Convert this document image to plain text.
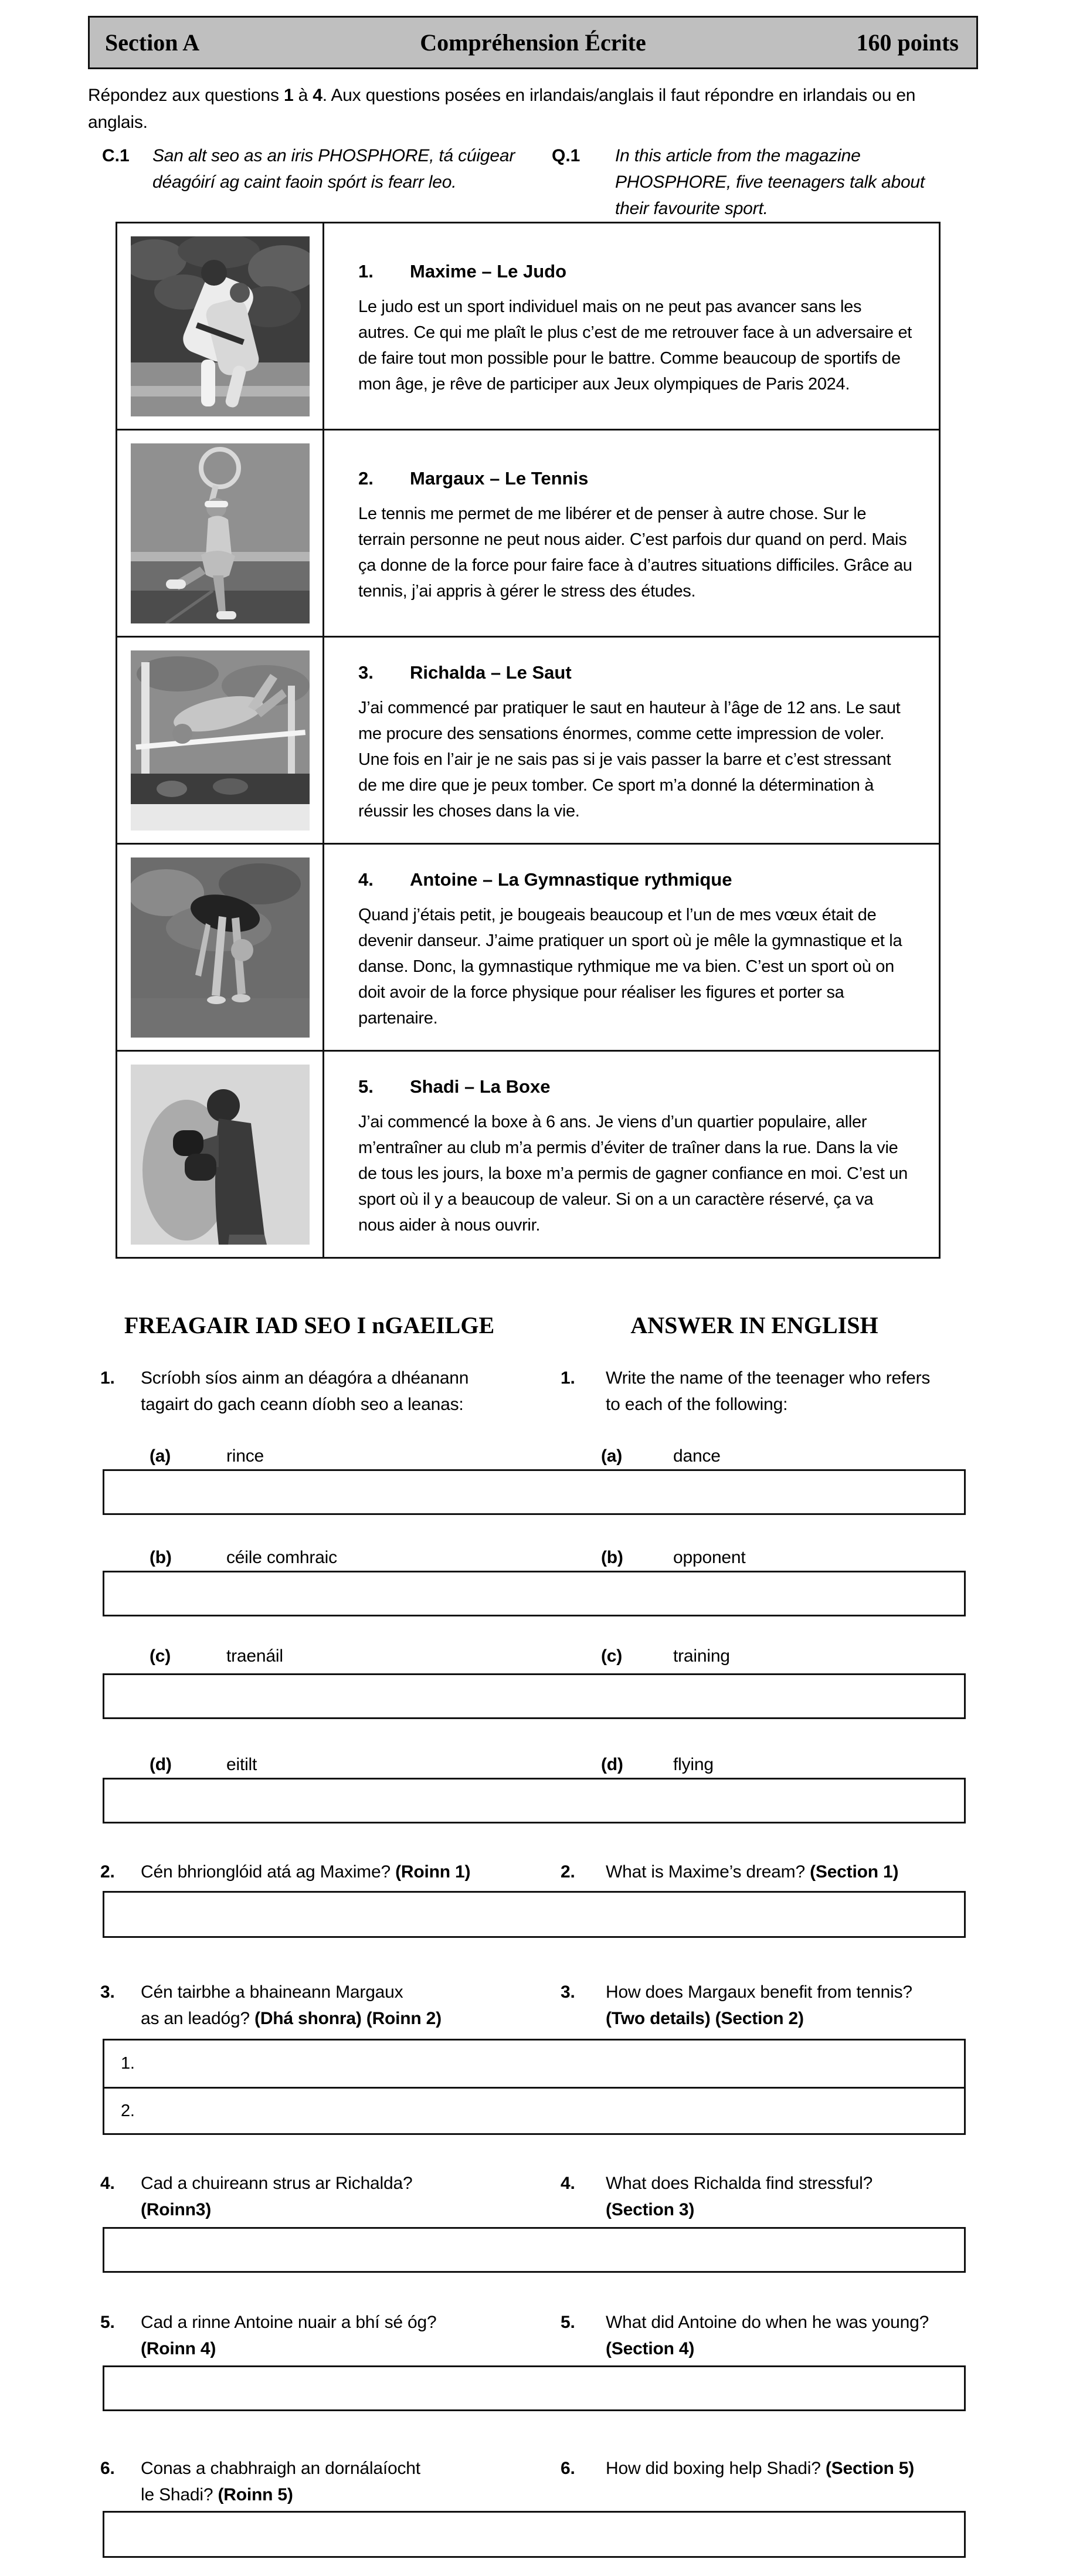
Section A	Compréhension Écrite	160 points

Répondez aux questions 1 à 4. Aux questions posées en irlandais/anglais il faut répondre en irlandais ou en anglais.

C.1 San alt seo as an iris PHOSPHORE, tá cúigear déagóirí ag caint faoin spórt is fearr leo.
Q.1 In this article from the magazine PHOSPHORE, five teenagers talk about their favourite sport.

1. Maxime – Le Judo

Le judo est un sport individuel mais on ne peut pas avancer sans les autres. Ce qui me plaît le plus c’est de me retrouver face à un adversaire et de faire tout mon possible pour le battre. Comme beaucoup de sportifs de mon âge, je rêve de participer aux Jeux olympiques de Paris 2024.

2. Margaux – Le Tennis

Le tennis me permet de me libérer et de penser à autre chose. Sur le terrain personne ne peut nous aider. C’est parfois dur quand on perd. Mais ça donne de la force pour faire face à d’autres situations difficiles. Grâce au tennis, j’ai appris à gérer le stress des études.

3. Richalda – Le Saut

J’ai commencé par pratiquer le saut en hauteur à l’âge de 12 ans. Le saut me procure des sensations énormes, comme cette impression de voler. Une fois en l’air je ne sais pas si je vais passer la barre et c’est stressant de me dire que je peux tomber. Ce sport m’a donné la détermination à réussir les choses dans la vie.

4. Antoine – La Gymnastique rythmique

Quand j’étais petit, je bougeais beaucoup et l’un de mes vœux était de devenir danseur. J’aime pratiquer un sport où je mêle la gymnastique et la danse. Donc, la gymnastique rythmique me va bien. C’est un sport où on doit avoir de la force physique pour réaliser les figures et porter sa partenaire.

5. Shadi – La Boxe

J’ai commencé la boxe à 6 ans. Je viens d’un quartier populaire, aller m’entraîner au club m’a permis d’éviter de traîner dans la rue. Dans la vie de tous les jours, la boxe m’a permis de gagner confiance en moi. C’est un sport où il y a beaucoup de valeur. Si on a un caractère réservé, ça va nous aider à nous ouvrir.

FREAGAIR IAD SEO I nGAEILGE	ANSWER IN ENGLISH
1. Scríobh síos ainm an déagóra a dhéanann tagairt do gach ceann díobh seo a leanas:
1. Write the name of the teenager who refers to each of the following:
(a)	rince	(a)	dance
(b)	céile comhraic	(b)	opponent
(c)	traenáil	(c)	training
(d)	eitilt	(d)	flying
2. Cén bhrionglóid atá ag Maxime? (Roinn 1)	2. What is Maxime’s dream? (Section 1)
3. Cén tairbhe a bhaineann Margaux
as an leadóg? (Dhá shonra) (Roinn 2)
3. How does Margaux benefit from tennis?
(Two details) (Section 2)
1.
2.
4. Cad a chuireann strus ar Richalda?
(Roinn3)
4. What does Richalda find stressful?
(Section 3)
5. Cad a rinne Antoine nuair a bhí sé óg?
(Roinn 4)
5. What did Antoine do when he was young? (Section 4)
6. Conas a chabhraigh an dornálaíocht
le Shadi? (Roinn 5)
6. How did boxing help Shadi? (Section 5)
